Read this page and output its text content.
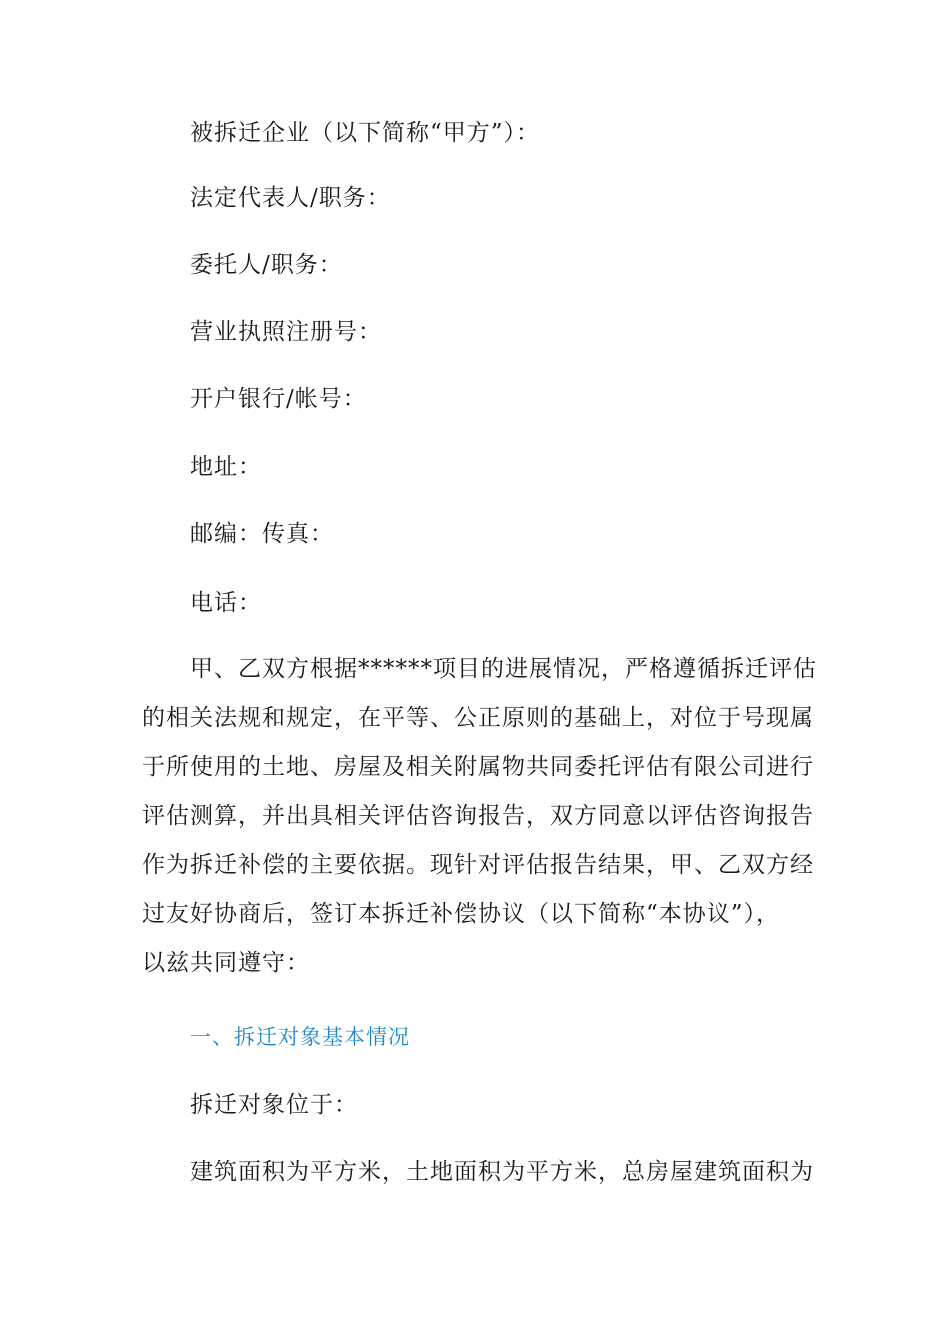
被拆迁企业（以下简称“甲方”）：
法定代表人/职务：
委托人/职务：
营业执照注册号：
开户银行/帐号：
地址：
邮编：传真：
电话：
甲、乙双方根据******项目的进展情况，严格遵循拆迁评估
的相关法规和规定，在平等、公正原则的基础上，对位于号现属
于所使用的土地、房屋及相关附属物共同委托评估有限公司进行
评估测算，并出具相关评估咨询报告，双方同意以评估咨询报告
作为拆迁补偿的主要依据。现针对评估报告结果，甲、乙双方经
过友好协商后，签订本拆迁补偿协议（以下简称“本协议”），
以兹共同遵守：
一、拆迁对象基本情况
拆迁对象位于：
建筑面积为平方米，土地面积为平方米，总房屋建筑面积为
